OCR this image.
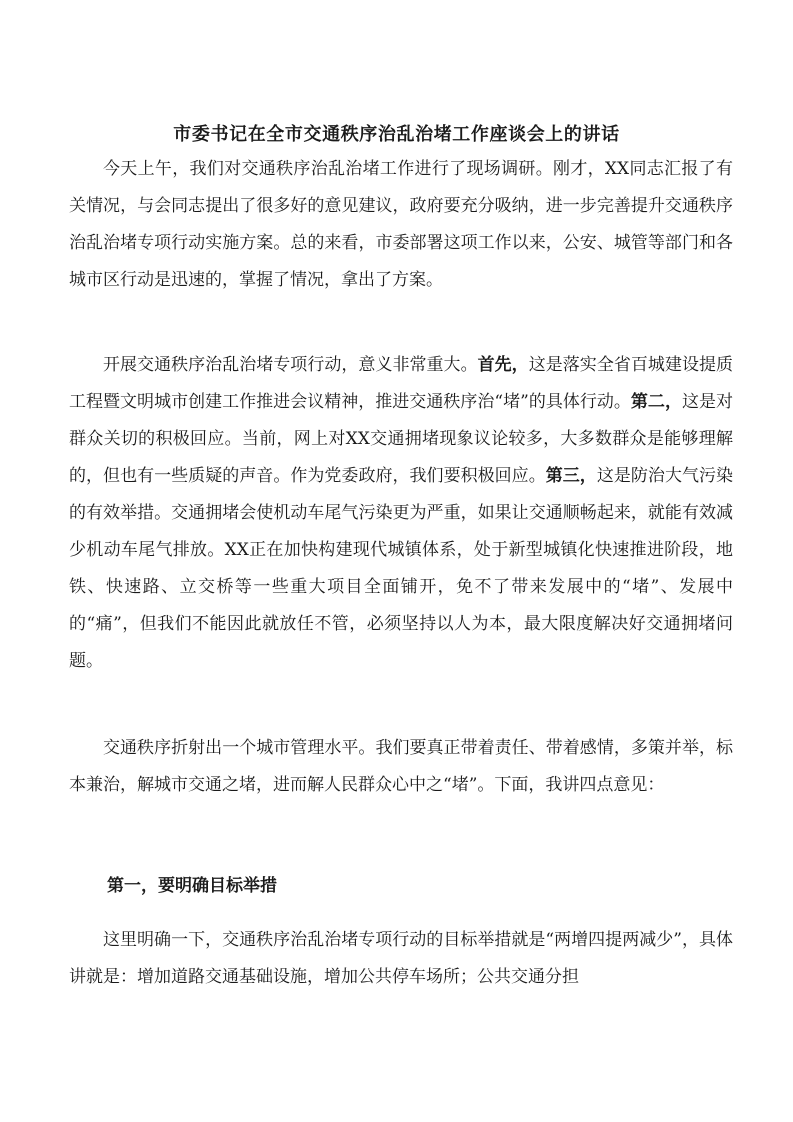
市委书记在全市交通秩序治乱治堵工作座谈会上的讲话

今天上午，我们对交通秩序治乱治堵工作进行了现场调研。刚才，XX同志汇报了有关情况，与会同志提出了很多好的意见建议，政府要充分吸纳，进一步完善提升交通秩序治乱治堵专项行动实施方案。总的来看，市委部署这项工作以来，公安、城管等部门和各城市区行动是迅速的，掌握了情况，拿出了方案。

开展交通秩序治乱治堵专项行动，意义非常重大。首先，这是落实全省百城建设提质工程暨文明城市创建工作推进会议精神，推进交通秩序治“堵”的具体行动。第二，这是对群众关切的积极回应。当前，网上对XX交通拥堵现象议论较多，大多数群众是能够理解的，但也有一些质疑的声音。作为党委政府，我们要积极回应。第三，这是防治大气污染的有效举措。交通拥堵会使机动车尾气污染更为严重，如果让交通顺畅起来，就能有效减少机动车尾气排放。XX正在加快构建现代城镇体系，处于新型城镇化快速推进阶段，地铁、快速路、立交桥等一些重大项目全面铺开，免不了带来发展中的“堵”、发展中的“痛”，但我们不能因此就放任不管，必须坚持以人为本，最大限度解决好交通拥堵问题。

交通秩序折射出一个城市管理水平。我们要真正带着责任、带着感情，多策并举，标本兼治，解城市交通之堵，进而解人民群众心中之“堵”。下面，我讲四点意见：

第一，要明确目标举措

这里明确一下，交通秩序治乱治堵专项行动的目标举措就是“两增四提两减少”，具体讲就是：增加道路交通基础设施，增加公共停车场所；公共交通分担
